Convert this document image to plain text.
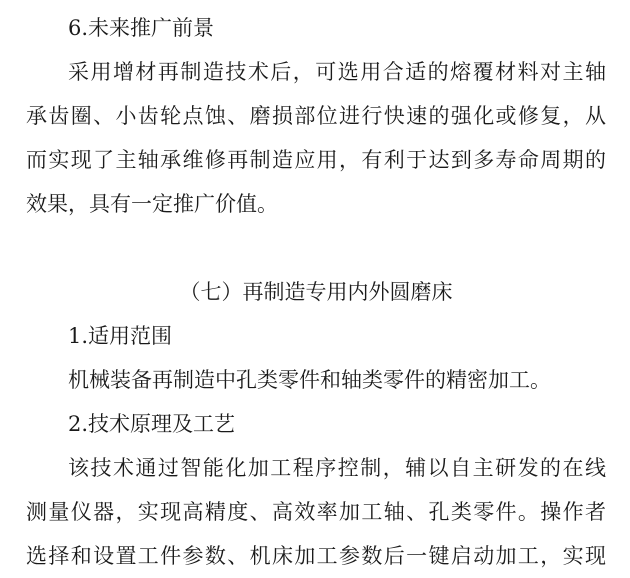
6.未来推广前景
采用增材再制造技术后，可选用合适的熔覆材料对主轴
承齿圈、小齿轮点蚀、磨损部位进行快速的强化或修复，从
而实现了主轴承维修再制造应用，有利于达到多寿命周期的
效果，具有一定推广价值。
（七）再制造专用内外圆磨床
1.适用范围
机械装备再制造中孔类零件和轴类零件的精密加工。
2.技术原理及工艺
该技术通过智能化加工程序控制，辅以自主研发的在线
测量仪器，实现高精度、高效率加工轴、孔类零件。操作者
选择和设置工件参数、机床加工参数后一键启动加工，实现
